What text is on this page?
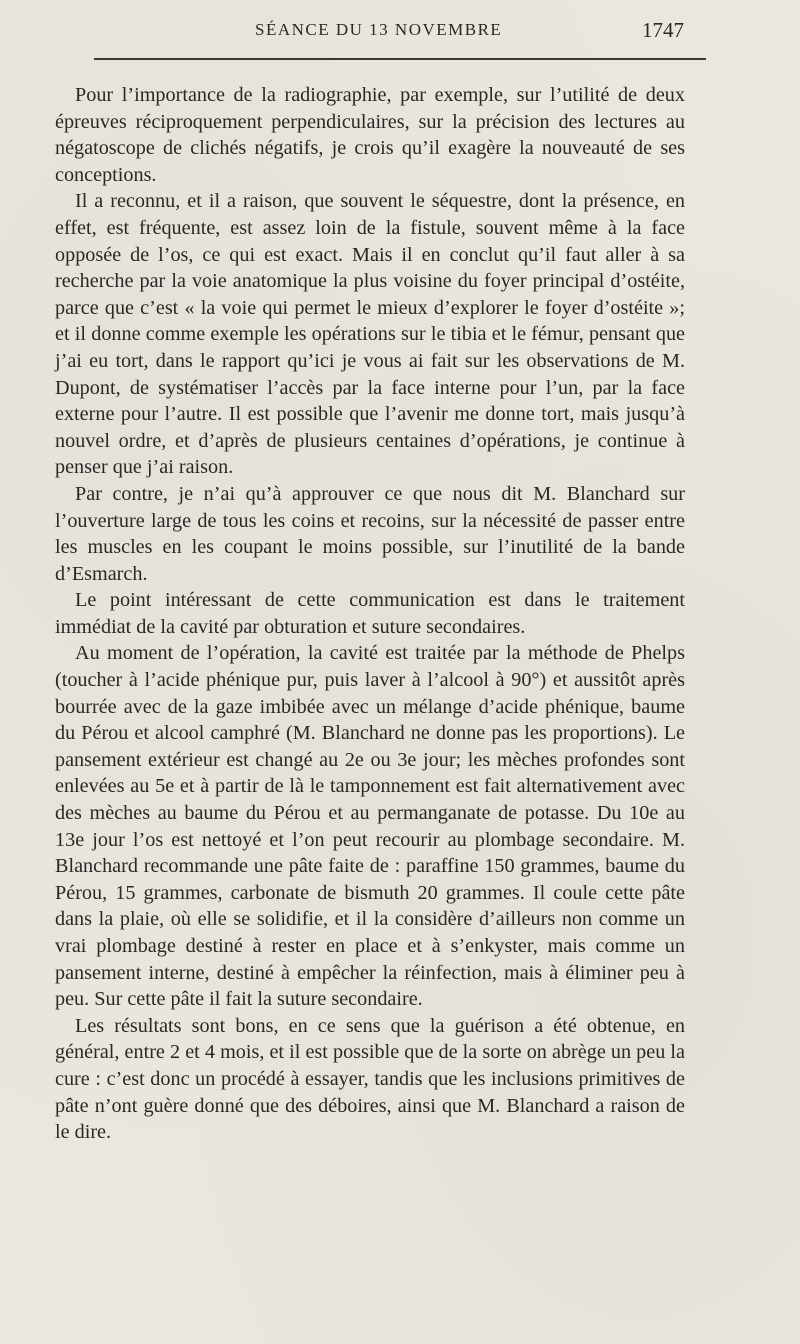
SÉANCE DU 13 NOVEMBRE	1747

Pour l’importance de la radiographie, par exemple, sur l’utilité de deux épreuves réciproquement perpendiculaires, sur la précision des lectures au négatoscope de clichés négatifs, je crois qu’il exagère la nouveauté de ses conceptions.

Il a reconnu, et il a raison, que souvent le séquestre, dont la présence, en effet, est fréquente, est assez loin de la fistule, souvent même à la face opposée de l’os, ce qui est exact. Mais il en conclut qu’il faut aller à sa recherche par la voie anatomique la plus voisine du foyer principal d’ostéite, parce que c’est « la voie qui permet le mieux d’explorer le foyer d’ostéite »; et il donne comme exemple les opérations sur le tibia et le fémur, pensant que j’ai eu tort, dans le rapport qu’ici je vous ai fait sur les observations de M. Dupont, de systématiser l’accès par la face interne pour l’un, par la face externe pour l’autre. Il est possible que l’avenir me donne tort, mais jusqu’à nouvel ordre, et d’après de plusieurs centaines d’opérations, je continue à penser que j’ai raison.

Par contre, je n’ai qu’à approuver ce que nous dit M. Blanchard sur l’ouverture large de tous les coins et recoins, sur la nécessité de passer entre les muscles en les coupant le moins possible, sur l’inutilité de la bande d’Esmarch.

Le point intéressant de cette communication est dans le traitement immédiat de la cavité par obturation et suture secondaires.

Au moment de l’opération, la cavité est traitée par la méthode de Phelps (toucher à l’acide phénique pur, puis laver à l’alcool à 90°) et aussitôt après bourrée avec de la gaze imbibée avec un mélange d’acide phénique, baume du Pérou et alcool camphré (M. Blanchard ne donne pas les proportions). Le pansement extérieur est changé au 2e ou 3e jour; les mèches profondes sont enlevées au 5e et à partir de là le tamponnement est fait alternativement avec des mèches au baume du Pérou et au permanganate de potasse. Du 10e au 13e jour l’os est nettoyé et l’on peut recourir au plombage secondaire. M. Blanchard recommande une pâte faite de : paraffine 150 grammes, baume du Pérou, 15 grammes, carbonate de bismuth 20 grammes. Il coule cette pâte dans la plaie, où elle se solidifie, et il la considère d’ailleurs non comme un vrai plombage destiné à rester en place et à s’enkyster, mais comme un pansement interne, destiné à empêcher la réinfection, mais à éliminer peu à peu. Sur cette pâte il fait la suture secondaire.

Les résultats sont bons, en ce sens que la guérison a été obtenue, en général, entre 2 et 4 mois, et il est possible que de la sorte on abrège un peu la cure : c’est donc un procédé à essayer, tandis que les inclusions primitives de pâte n’ont guère donné que des déboires, ainsi que M. Blanchard a raison de le dire.
